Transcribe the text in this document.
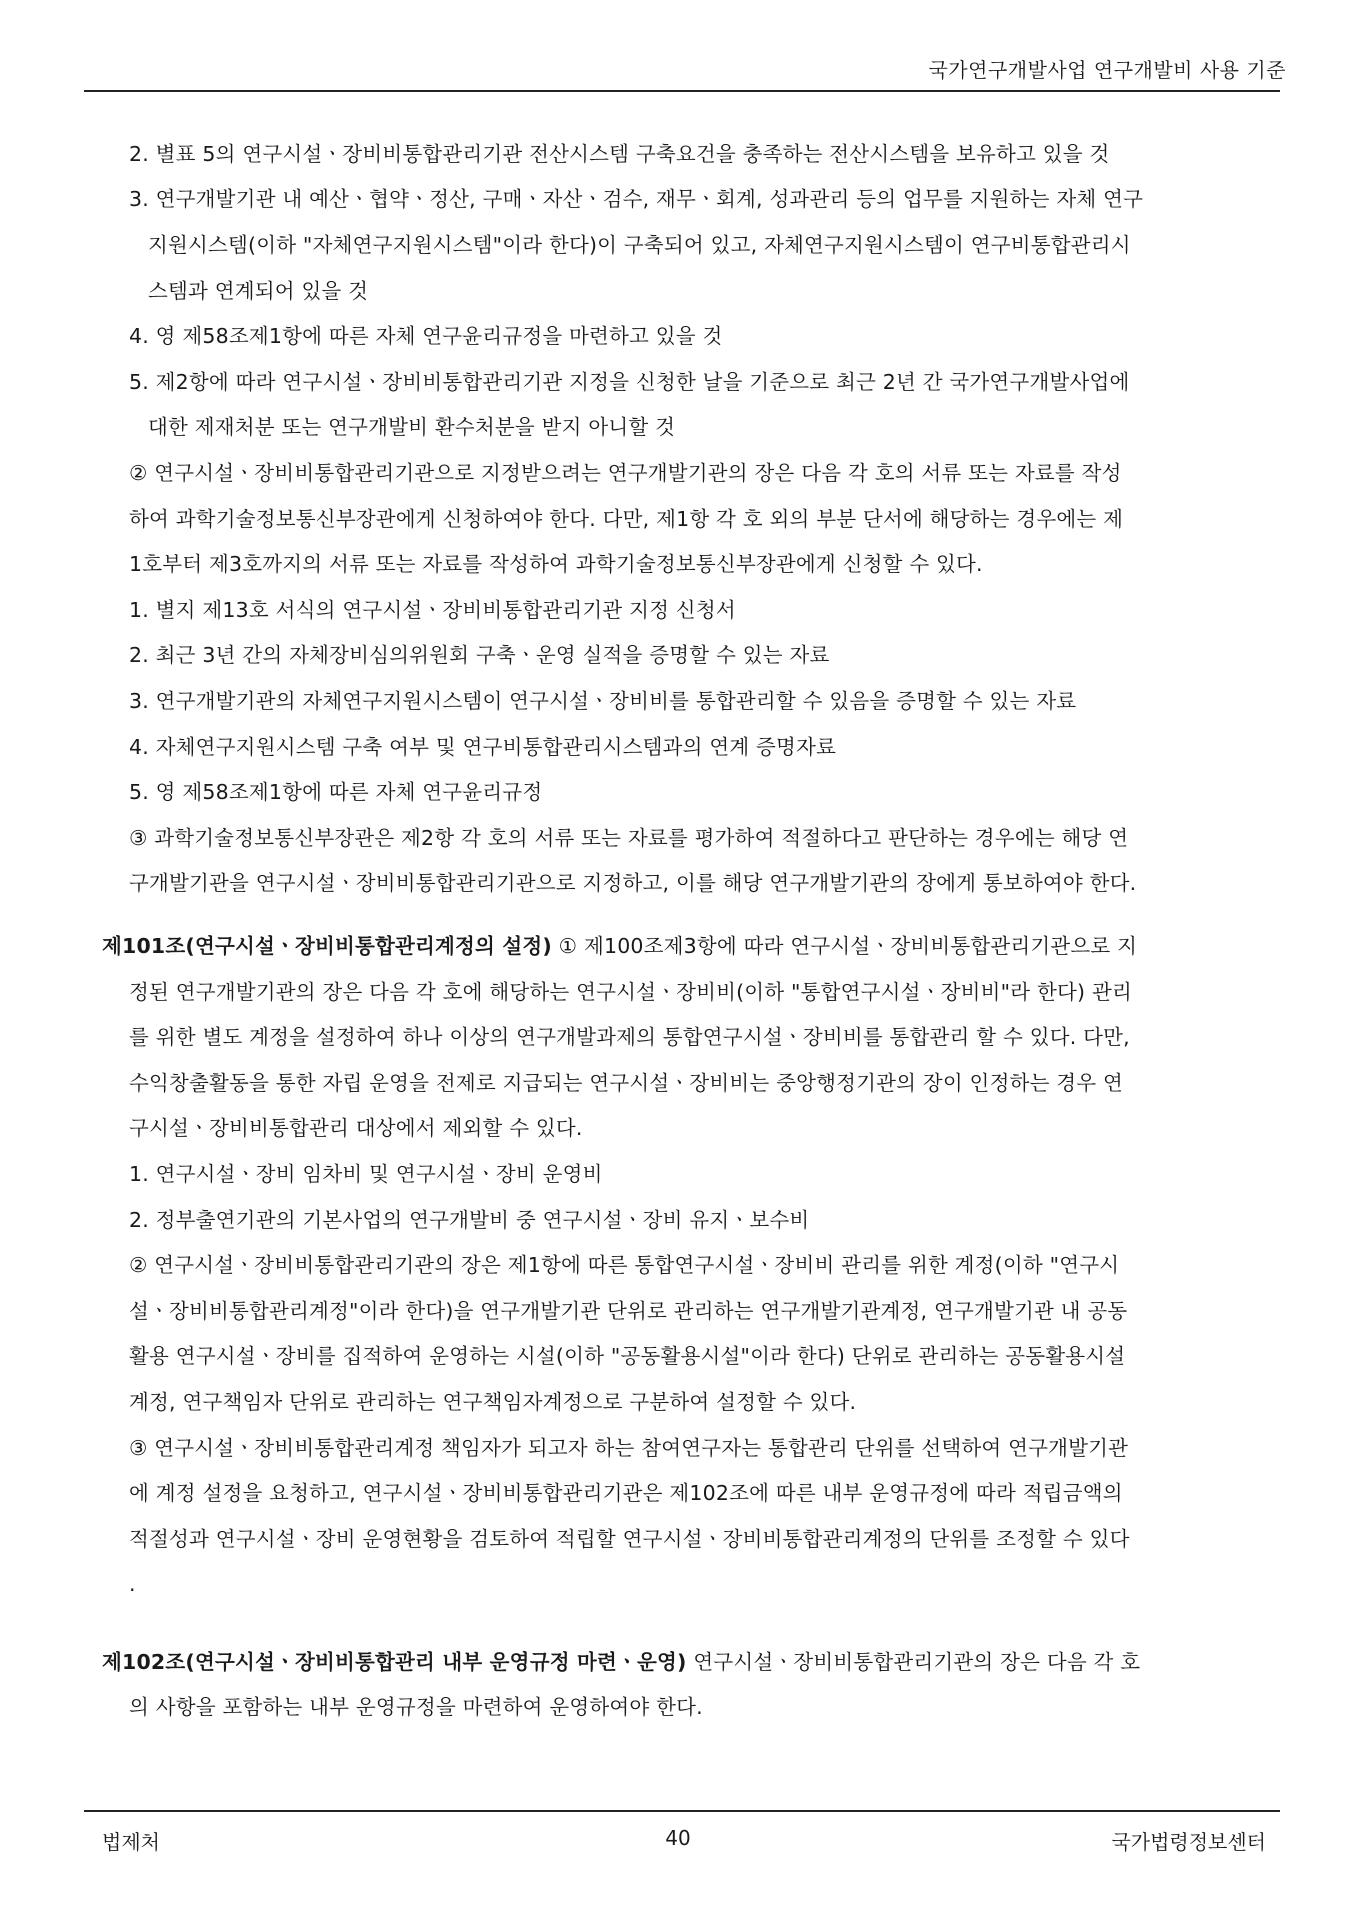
국가연구개발사업 연구개발비 사용 기준
2. 별표 5의 연구시설ㆍ장비비통합관리기관 전산시스템 구축요건을 충족하는 전산시스템을 보유하고 있을 것
3. 연구개발기관 내 예산ㆍ협약ㆍ정산, 구매ㆍ자산ㆍ검수, 재무ㆍ회계, 성과관리 등의 업무를 지원하는 자체 연구
지원시스템(이하 "자체연구지원시스템"이라 한다)이 구축되어 있고, 자체연구지원시스템이 연구비통합관리시
스템과 연계되어 있을 것
4. 영 제58조제1항에 따른 자체 연구윤리규정을 마련하고 있을 것
5. 제2항에 따라 연구시설ㆍ장비비통합관리기관 지정을 신청한 날을 기준으로 최근 2년 간 국가연구개발사업에
대한 제재처분 또는 연구개발비 환수처분을 받지 아니할 것
② 연구시설ㆍ장비비통합관리기관으로 지정받으려는 연구개발기관의 장은 다음 각 호의 서류 또는 자료를 작성
하여 과학기술정보통신부장관에게 신청하여야 한다. 다만, 제1항 각 호 외의 부분 단서에 해당하는 경우에는 제
1호부터 제3호까지의 서류 또는 자료를 작성하여 과학기술정보통신부장관에게 신청할 수 있다.
1. 별지 제13호 서식의 연구시설ㆍ장비비통합관리기관 지정 신청서
2. 최근 3년 간의 자체장비심의위원회 구축ㆍ운영 실적을 증명할 수 있는 자료
3. 연구개발기관의 자체연구지원시스템이 연구시설ㆍ장비비를 통합관리할 수 있음을 증명할 수 있는 자료
4. 자체연구지원시스템 구축 여부 및 연구비통합관리시스템과의 연계 증명자료
5. 영 제58조제1항에 따른 자체 연구윤리규정
③ 과학기술정보통신부장관은 제2항 각 호의 서류 또는 자료를 평가하여 적절하다고 판단하는 경우에는 해당 연
구개발기관을 연구시설ㆍ장비비통합관리기관으로 지정하고, 이를 해당 연구개발기관의 장에게 통보하여야 한다.
제101조(연구시설ㆍ장비비통합관리계정의 설정) ① 제100조제3항에 따라 연구시설ㆍ장비비통합관리기관으로 지
정된 연구개발기관의 장은 다음 각 호에 해당하는 연구시설ㆍ장비비(이하 "통합연구시설ㆍ장비비"라 한다) 관리
를 위한 별도 계정을 설정하여 하나 이상의 연구개발과제의 통합연구시설ㆍ장비비를 통합관리 할 수 있다. 다만,
수익창출활동을 통한 자립 운영을 전제로 지급되는 연구시설ㆍ장비비는 중앙행정기관의 장이 인정하는 경우 연
구시설ㆍ장비비통합관리 대상에서 제외할 수 있다.
1. 연구시설ㆍ장비 임차비 및 연구시설ㆍ장비 운영비
2. 정부출연기관의 기본사업의 연구개발비 중 연구시설ㆍ장비 유지ㆍ보수비
② 연구시설ㆍ장비비통합관리기관의 장은 제1항에 따른 통합연구시설ㆍ장비비 관리를 위한 계정(이하 "연구시
설ㆍ장비비통합관리계정"이라 한다)을 연구개발기관 단위로 관리하는 연구개발기관계정, 연구개발기관 내 공동
활용 연구시설ㆍ장비를 집적하여 운영하는 시설(이하 "공동활용시설"이라 한다) 단위로 관리하는 공동활용시설
계정, 연구책임자 단위로 관리하는 연구책임자계정으로 구분하여 설정할 수 있다.
③ 연구시설ㆍ장비비통합관리계정 책임자가 되고자 하는 참여연구자는 통합관리 단위를 선택하여 연구개발기관
에 계정 설정을 요청하고, 연구시설ㆍ장비비통합관리기관은 제102조에 따른 내부 운영규정에 따라 적립금액의
적절성과 연구시설ㆍ장비 운영현황을 검토하여 적립할 연구시설ㆍ장비비통합관리계정의 단위를 조정할 수 있다
.
제102조(연구시설ㆍ장비비통합관리 내부 운영규정 마련ㆍ운영) 연구시설ㆍ장비비통합관리기관의 장은 다음 각 호
의 사항을 포함하는 내부 운영규정을 마련하여 운영하여야 한다.
법제처	40	국가법령정보센터
